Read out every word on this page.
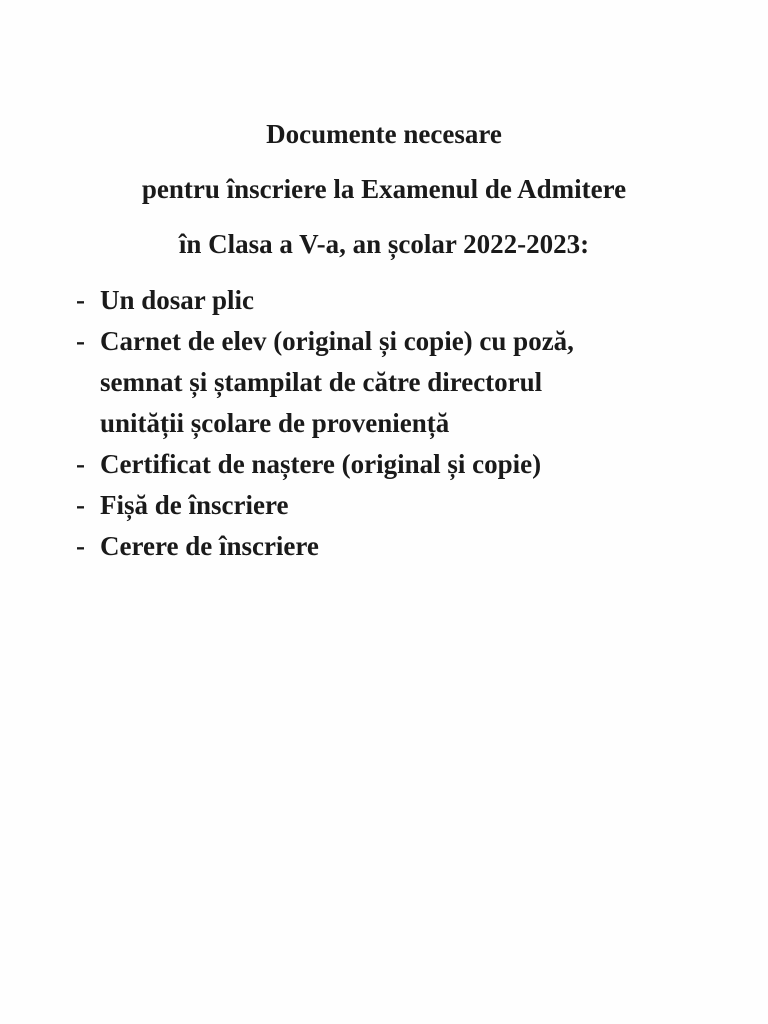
Documente necesare
pentru înscriere la Examenul de Admitere
în Clasa a V-a, an școlar 2022-2023:
- Un dosar plic
- Carnet de elev (original și copie) cu poză,
semnat și ștampilat de către directorul
unității școlare de proveniență
- Certificat de naștere (original și copie)
- Fișă de înscriere
- Cerere de înscriere
